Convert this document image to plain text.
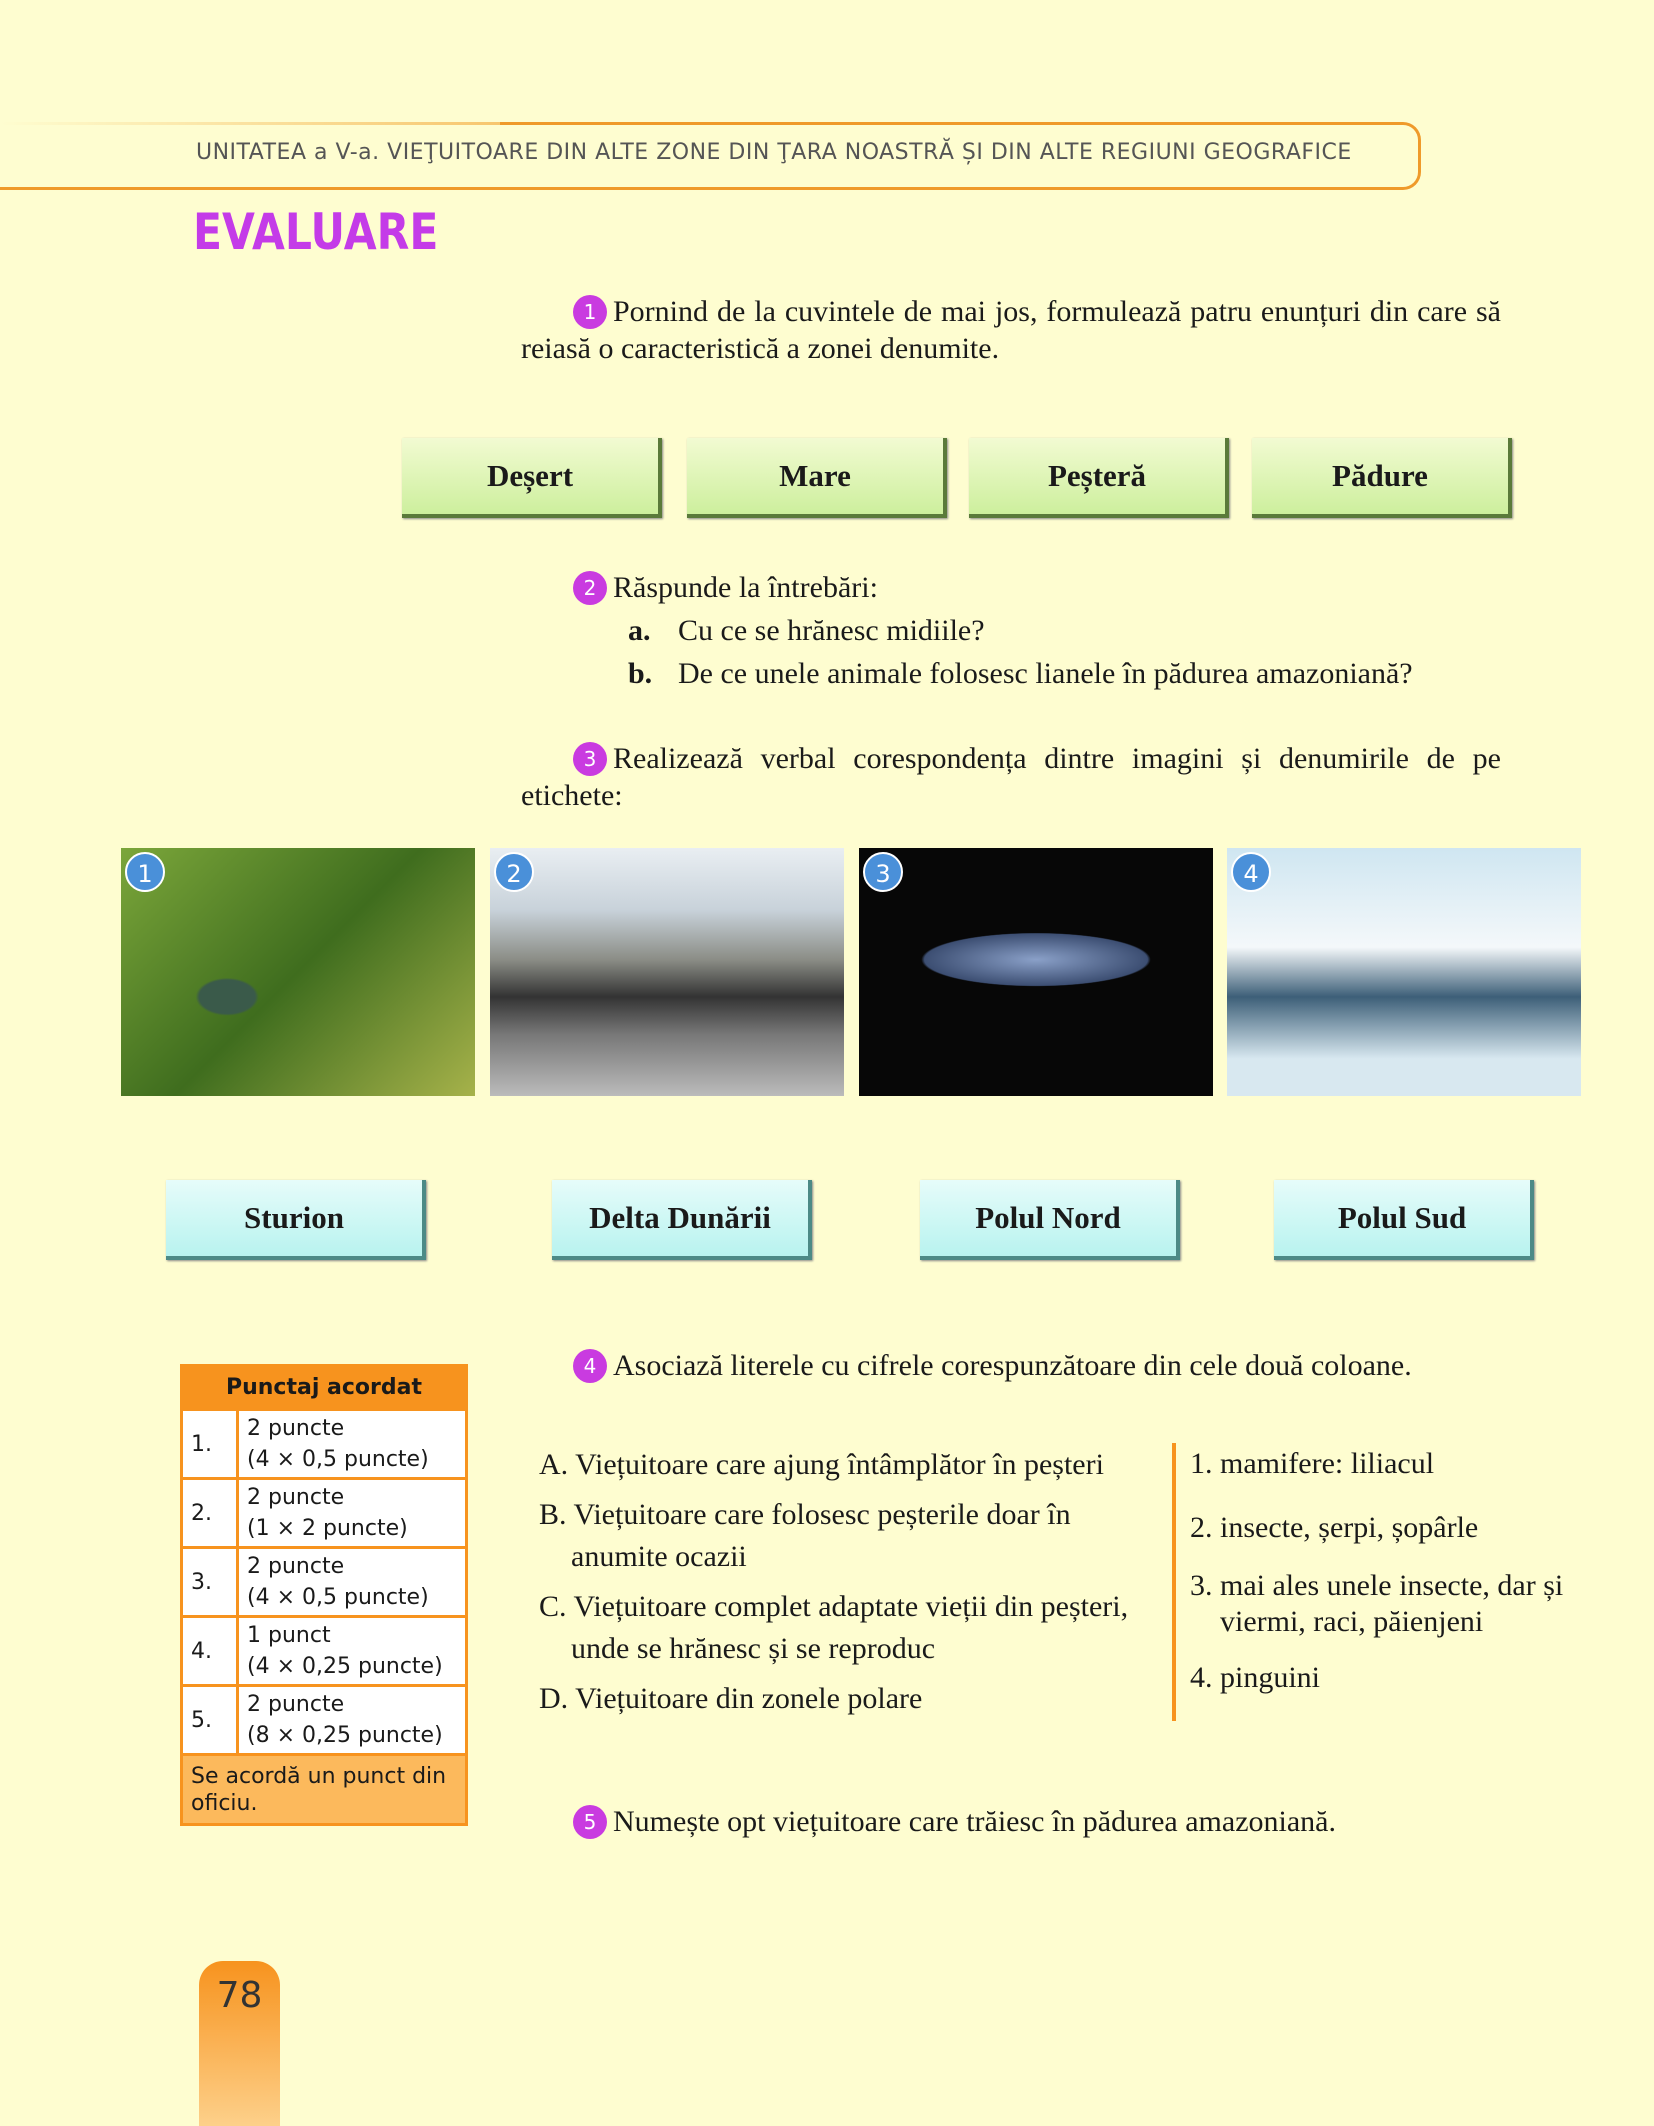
UNITATEA a V-a. VIEŢUITOARE DIN ALTE ZONE DIN ŢARA NOASTRĂ ȘI DIN ALTE REGIUNI GEOGRAFICE
EVALUARE
1 Pornind de la cuvintele de mai jos, formulează patru enunțuri din care să reiasă o caracteristică a zonei denumite.
Deșert	Mare	Peșteră	Pădure
2 Răspunde la întrebări:
a. Cu ce se hrănesc midiile?
b. De ce unele animale folosesc lianele în pădurea amazoniană?
3 Realizează verbal corespondența dintre imagini și denumirile de pe etichete:
1	2	3	4
Sturion	Delta Dunării	Polul Nord	Polul Sud
Punctaj acordat	
1.	2 puncte
(4 × 0,5 puncte)
2.	2 puncte
(1 × 2 puncte)
3.	2 puncte
(4 × 0,5 puncte)
4.	1 punct
(4 × 0,25 puncte)
5.	2 puncte
(8 × 0,25 puncte)
Se acordă un punct din oficiu.	
4 Asociază literele cu cifrele corespunzătoare din cele două coloane.
A. Viețuitoare care ajung întâmplător în peșteri
B. Viețuitoare care folosesc peșterile doar în anumite ocazii
C. Viețuitoare complet adaptate vieții din peșteri, unde se hrănesc și se reproduc
D. Viețuitoare din zonele polare
1. mamifere: liliacul
2. insecte, șerpi, șopârle
3. mai ales unele insecte, dar și viermi, raci, păienjeni
4. pinguini
5 Numește opt viețuitoare care trăiesc în pădurea amazoniană.
78
